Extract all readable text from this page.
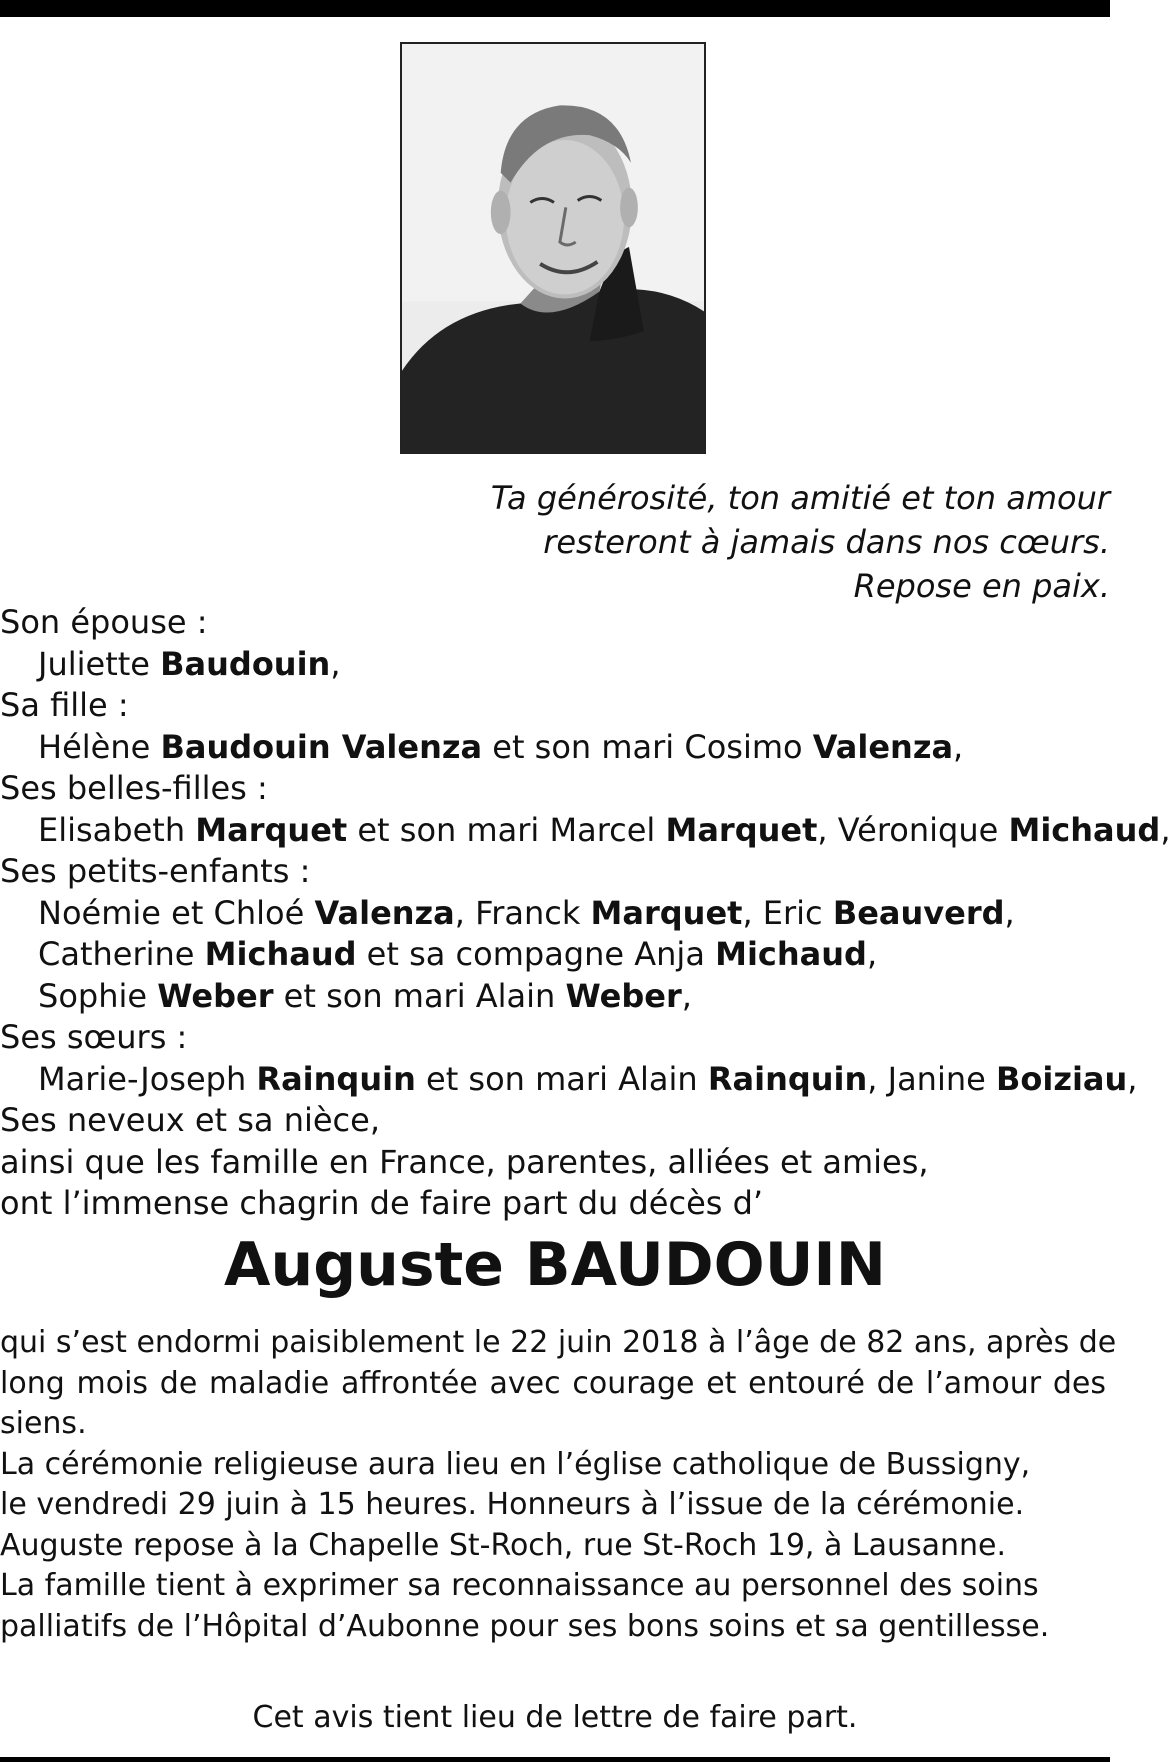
Ta générosité, ton amitié et ton amour
resteront à jamais dans nos cœurs.
Repose en paix.
Son épouse :
Juliette Baudouin,
Sa fille :
Hélène Baudouin Valenza et son mari Cosimo Valenza,
Ses belles-filles :
Elisabeth Marquet et son mari Marcel Marquet, Véronique Michaud,
Ses petits-enfants :
Noémie et Chloé Valenza, Franck Marquet, Eric Beauverd,
Catherine Michaud et sa compagne Anja Michaud,
Sophie Weber et son mari Alain Weber,
Ses sœurs :
Marie-Joseph Rainquin et son mari Alain Rainquin, Janine Boiziau,
Ses neveux et sa nièce,
ainsi que les famille en France, parentes, alliées et amies,
ont l’immense chagrin de faire part du décès d’
Auguste BAUDOUIN
qui s’est endormi paisiblement le 22 juin 2018 à l’âge de 82 ans, après de
long mois de maladie affrontée avec courage et entouré de l’amour des
siens.
La cérémonie religieuse aura lieu en l’église catholique de Bussigny,
le vendredi 29 juin à 15 heures. Honneurs à l’issue de la cérémonie.
Auguste repose à la Chapelle St-Roch, rue St-Roch 19, à Lausanne.
La famille tient à exprimer sa reconnaissance au personnel des soins
palliatifs de l’Hôpital d’Aubonne pour ses bons soins et sa gentillesse.
Cet avis tient lieu de lettre de faire part.
